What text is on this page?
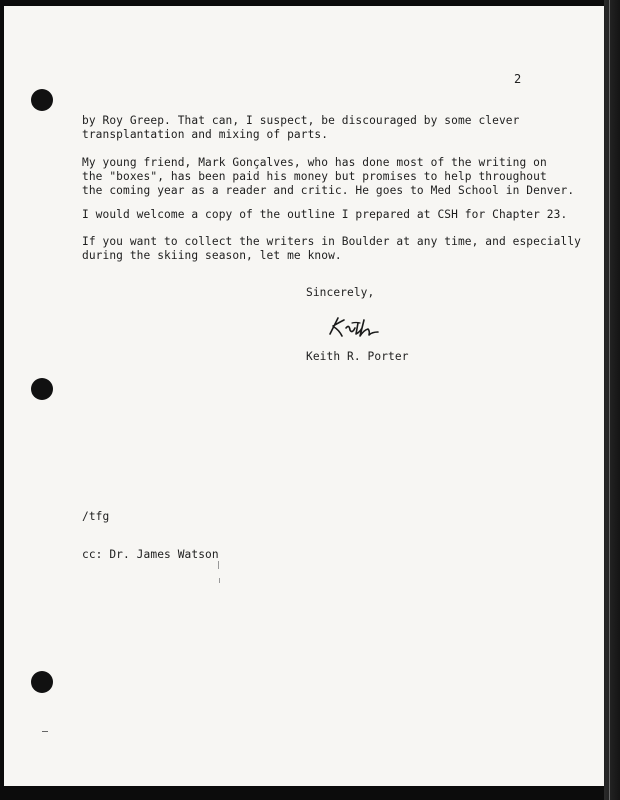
2
by Roy Greep. That can, I suspect, be discouraged by some clever
transplantation and mixing of parts.
My young friend, Mark Gonçalves, who has done most of the writing on
the "boxes", has been paid his money but promises to help throughout
the coming year as a reader and critic. He goes to Med School in Denver.
I would welcome a copy of the outline I prepared at CSH for Chapter 23.
If you want to collect the writers in Boulder at any time, and especially
during the skiing season, let me know.
Sincerely,
Keith R. Porter
/tfg
cc: Dr. James Watson
